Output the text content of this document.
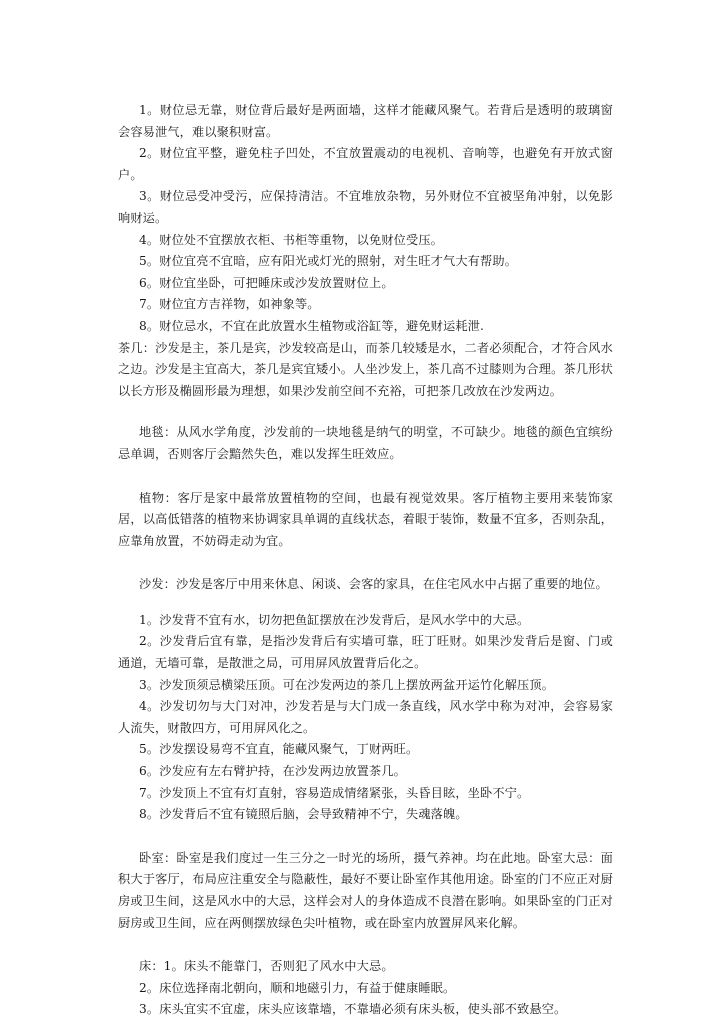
1。财位忌无靠，财位背后最好是两面墙，这样才能藏风聚气。若背后是透明的玻璃窗会容易泄气，难以聚积财富。

2。财位宜平整，避免柱子凹处，不宜放置震动的电视机、音响等，也避免有开放式窗户。

3。财位忌受冲受污，应保持清洁。不宜堆放杂物，另外财位不宜被坚角冲射，以免影响财运。

4。财位处不宜摆放衣柜、书柜等重物，以免财位受压。

5。财位宜亮不宜暗，应有阳光或灯光的照射，对生旺才气大有帮助。

6。财位宜坐卧，可把睡床或沙发放置财位上。

7。财位宜方吉祥物，如神象等。

8。财位忌水，不宜在此放置水生植物或浴缸等，避免财运耗泄.

茶几：沙发是主，茶几是宾，沙发较高是山，而茶几较矮是水，二者必须配合，才符合风水之边。沙发是主宜高大，茶几是宾宜矮小。人坐沙发上，茶几高不过膝则为合理。茶几形状以长方形及椭圆形最为理想，如果沙发前空间不充裕，可把茶几改放在沙发两边。

地毯：从风水学角度，沙发前的一块地毯是纳气的明堂，不可缺少。地毯的颜色宜缤纷忌单调，否则客厅会黯然失色，难以发挥生旺效应。

植物：客厅是家中最常放置植物的空间，也最有视觉效果。客厅植物主要用来装饰家居，以高低错落的植物来协调家具单调的直线状态，着眼于装饰，数量不宜多，否则杂乱，应靠角放置，不妨碍走动为宜。

沙发：沙发是客厅中用来休息、闲谈、会客的家具，在住宅风水中占据了重要的地位。

1。沙发背不宜有水，切勿把鱼缸摆放在沙发背后，是风水学中的大忌。

2。沙发背后宜有靠，是指沙发背后有实墙可靠，旺丁旺财。如果沙发背后是窗、门或通道，无墙可靠，是散泄之局，可用屏风放置背后化之。

3。沙发顶须忌横梁压顶。可在沙发两边的茶几上摆放两盆开运竹化解压顶。

4。沙发切勿与大门对冲，沙发若是与大门成一条直线，风水学中称为对冲，会容易家人流失，财散四方，可用屏风化之。

5。沙发摆设易弯不宜直，能藏风聚气，丁财两旺。

6。沙发应有左右臂护持，在沙发两边放置茶几。

7。沙发顶上不宜有灯直射，容易造成情绪紧张，头昏目眩，坐卧不宁。

8。沙发背后不宜有镜照后脑，会导致精神不宁，失魂落魄。

卧室：卧室是我们度过一生三分之一时光的场所，摄气养神。均在此地。卧室大忌：面积大于客厅，布局应注重安全与隐蔽性，最好不要让卧室作其他用途。卧室的门不应正对厨房或卫生间，这是风水中的大忌，这样会对人的身体造成不良潜在影响。如果卧室的门正对厨房或卫生间，应在两侧摆放绿色尖叶植物，或在卧室内放置屏风来化解。

床：1。床头不能靠门，否则犯了风水中大忌。

2。床位选择南北朝向，顺和地磁引力，有益于健康睡眠。

3。床头宜实不宜虚，床头应该靠墙，不靠墙必须有床头板，使头部不致悬空。
